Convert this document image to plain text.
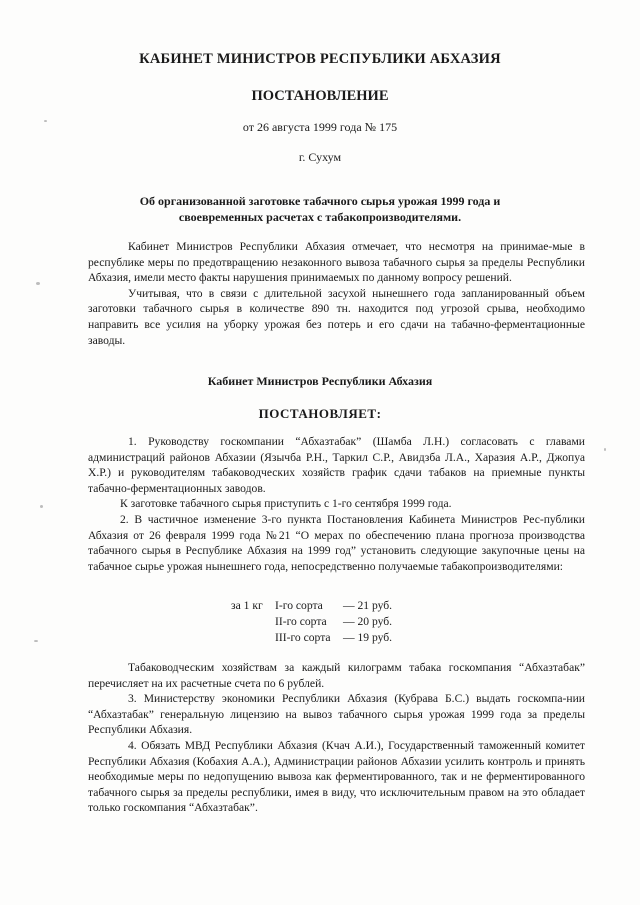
КАБИНЕТ МИНИСТРОВ РЕСПУБЛИКИ АБХАЗИЯ
ПОСТАНОВЛЕНИЕ
от 26 августа 1999 года № 175
г. Сухум
Об организованной заготовке табачного сырья урожая 1999 года и
своевременных расчетах с табакопроизводителями.

Кабинет Министров Республики Абхазия отмечает, что несмотря на принимае-мые в республике меры по предотвращению незаконного вывоза табачного сырья за пределы Республики Абхазия, имели место факты нарушения принимаемых по данному вопросу решений.

Учитывая, что в связи с длительной засухой нынешнего года запланированный объем заготовки табачного сырья в количестве 890 тн. находится под угрозой срыва, необходимо направить все усилия на уборку урожая без потерь и его сдачи на табачно-ферментационные заводы.

Кабинет Министров Республики Абхазия
ПОСТАНОВЛЯЕТ:

1. Руководству госкомпании “Абхазтабак” (Шамба Л.Н.) согласовать с главами администраций районов Абхазии (Язычба Р.Н., Таркил С.Р., Авидзба Л.А., Харазия А.Р., Джопуа Х.Р.) и руководителям табаководческих хозяйств график сдачи табаков на приемные пункты табачно-ферментационных заводов.

К заготовке табачного сырья приступить с 1-го сентября 1999 года.

2. В частичное изменение 3-го пункта Постановления Кабинета Министров Рес-публики Абхазия от 26 февраля 1999 года №21 “О мерах по обеспечению плана прогноза производства табачного сырья в Республике Абхазия на 1999 год” установить следующие закупочные цены на табачное сырье урожая нынешнего года, непосредственно получаемые табакопроизводителями:

за 1 кг I-го сорта — 21 руб.
II-го сорта — 20 руб.
III-го сорта — 19 руб.

Табаководческим хозяйствам за каждый килограмм табака госкомпания “Абхазтабак” перечисляет на их расчетные счета по 6 рублей.

3. Министерству экономики Республики Абхазия (Кубрава Б.С.) выдать госкомпа-нии “Абхазтабак” генеральную лицензию на вывоз табачного сырья урожая 1999 года за пределы Республики Абхазия.

4. Обязать МВД Республики Абхазия (Кчач А.И.), Государственный таможенный комитет Республики Абхазия (Кобахия А.А.), Администрации районов Абхазии усилить контроль и принять необходимые меры по недопущению вывоза как ферментированного, так и не ферментированного табачного сырья за пределы республики, имея в виду, что исключительным правом на это обладает только госкомпания “Абхазтабак”.
